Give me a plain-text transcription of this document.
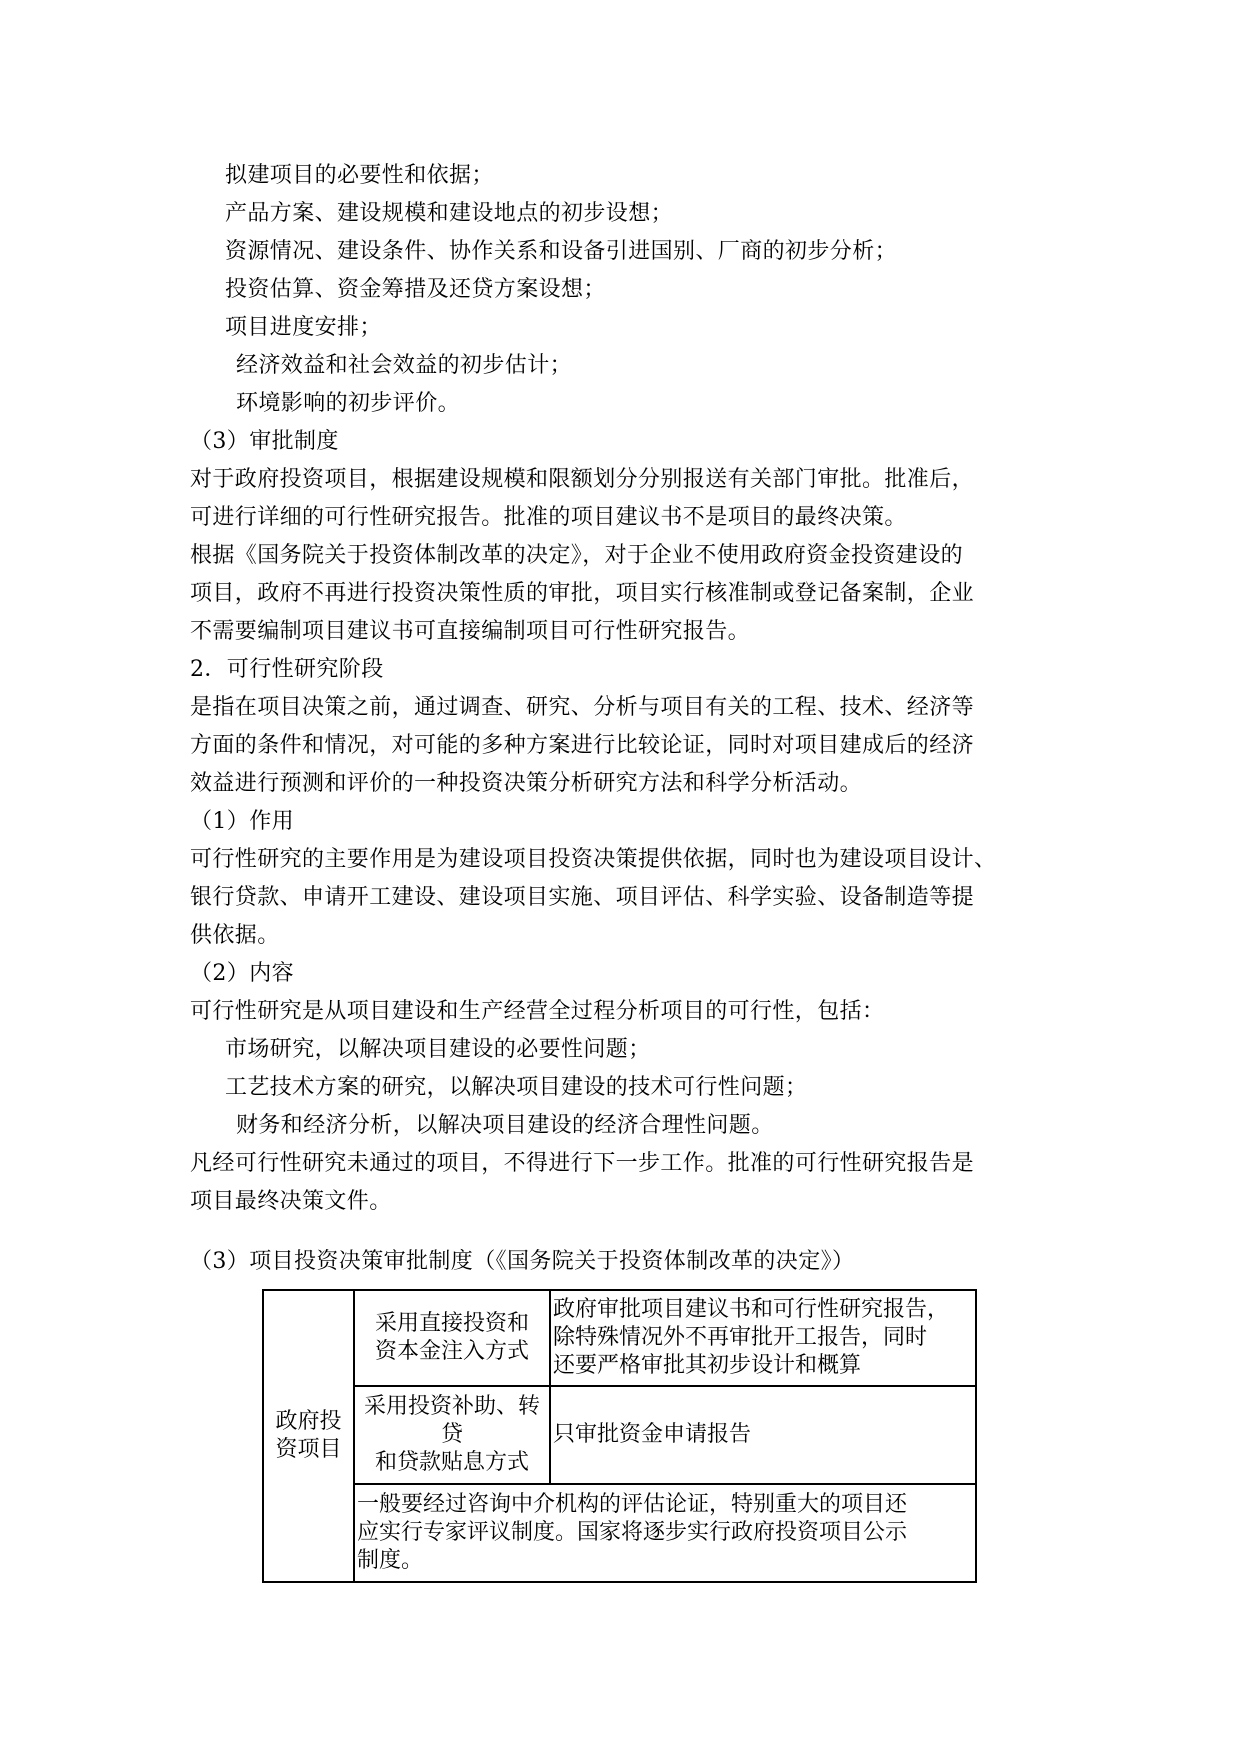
拟建项目的必要性和依据；
产品方案、建设规模和建设地点的初步设想；
资源情况、建设条件、协作关系和设备引进国别、厂商的初步分析；
投资估算、资金筹措及还贷方案设想；
项目进度安排；
经济效益和社会效益的初步估计；
环境影响的初步评价。
（3）审批制度
对于政府投资项目，根据建设规模和限额划分分别报送有关部门审批。批准后，
可进行详细的可行性研究报告。批准的项目建议书不是项目的最终决策。
根据《国务院关于投资体制改革的决定》，对于企业不使用政府资金投资建设的
项目，政府不再进行投资决策性质的审批，项目实行核准制或登记备案制，企业
不需要编制项目建议书可直接编制项目可行性研究报告。
2．可行性研究阶段
是指在项目决策之前，通过调查、研究、分析与项目有关的工程、技术、经济等
方面的条件和情况，对可能的多种方案进行比较论证，同时对项目建成后的经济
效益进行预测和评价的一种投资决策分析研究方法和科学分析活动。
（1）作用
可行性研究的主要作用是为建设项目投资决策提供依据，同时也为建设项目设计、
银行贷款、申请开工建设、建设项目实施、项目评估、科学实验、设备制造等提
供依据。
（2）内容
可行性研究是从项目建设和生产经营全过程分析项目的可行性，包括：
市场研究，以解决项目建设的必要性问题；
工艺技术方案的研究，以解决项目建设的技术可行性问题；
财务和经济分析，以解决项目建设的经济合理性问题。
凡经可行性研究未通过的项目，不得进行下一步工作。批准的可行性研究报告是
项目最终决策文件。
（3）项目投资决策审批制度（《国务院关于投资体制改革的决定》）
政府投
资项目	采用直接投资和
资本金注入方式	政府审批项目建议书和可行性研究报告，
除特殊情况外不再审批开工报告，同时
还要严格审批其初步设计和概算

	采用投资补助、转
贷
和贷款贴息方式	只审批资金申请报告

	一般要经过咨询中介机构的评估论证，特别重大的项目还
应实行专家评议制度。国家将逐步实行政府投资项目公示
制度。	
